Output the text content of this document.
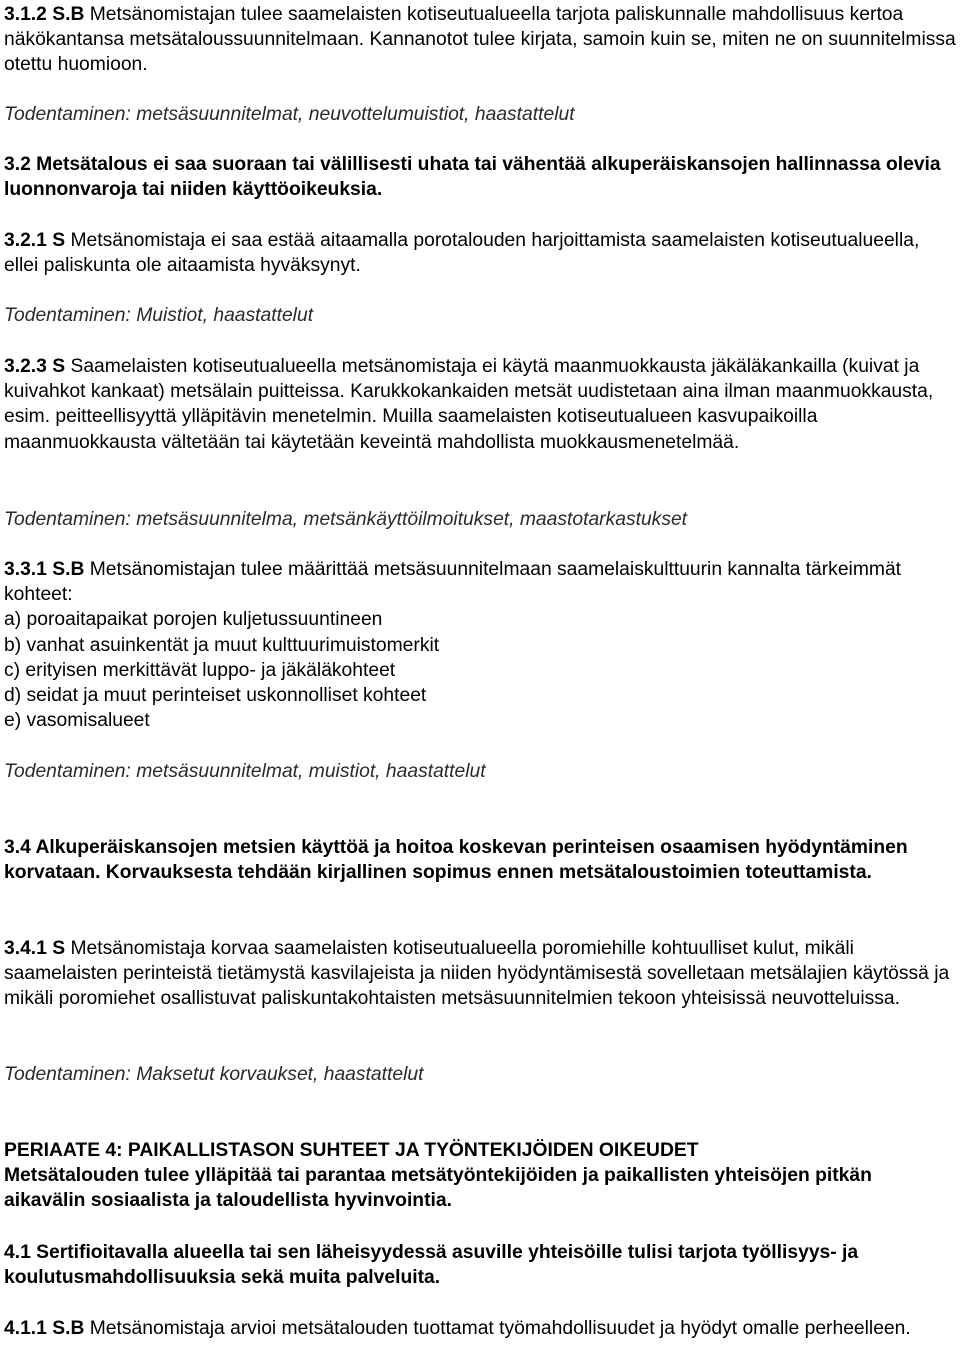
3.1.2 S.B Metsänomistajan tulee saamelaisten kotiseutualueella tarjota paliskunnalle mahdollisuus kertoa näkökantansa metsätaloussuunnitelmaan. Kannanotot tulee kirjata, samoin kuin se, miten ne on suunnitelmissa otettu huomioon.

Todentaminen: metsäsuunnitelmat, neuvottelumuistiot, haastattelut

3.2 Metsätalous ei saa suoraan tai välillisesti uhata tai vähentää alkuperäiskansojen hallinnassa olevia luonnonvaroja tai niiden käyttöoikeuksia.

3.2.1 S Metsänomistaja ei saa estää aitaamalla porotalouden harjoittamista saamelaisten kotiseutualueella, ellei paliskunta ole aitaamista hyväksynyt.

Todentaminen: Muistiot, haastattelut

3.2.3 S Saamelaisten kotiseutualueella metsänomistaja ei käytä maanmuokkausta jäkäläkankailla (kuivat ja kuivahkot kankaat) metsälain puitteissa. Karukkokankaiden metsät uudistetaan aina ilman maanmuokkausta, esim. peitteellisyyttä ylläpitävin menetelmin. Muilla saamelaisten kotiseutualueen kasvupaikoilla maanmuokkausta vältetään tai käytetään keveintä mahdollista muokkausmenetelmää.

Todentaminen: metsäsuunnitelma, metsänkäyttöilmoitukset, maastotarkastukset

3.3.1 S.B Metsänomistajan tulee määrittää metsäsuunnitelmaan saamelaiskulttuurin kannalta tärkeimmät kohteet:

a) poroaitapaikat porojen kuljetussuuntineen

b) vanhat asuinkentät ja muut kulttuurimuistomerkit

c) erityisen merkittävät luppo- ja jäkäläkohteet

d) seidat ja muut perinteiset uskonnolliset kohteet

e) vasomisalueet

Todentaminen: metsäsuunnitelmat, muistiot, haastattelut

3.4 Alkuperäiskansojen metsien käyttöä ja hoitoa koskevan perinteisen osaamisen hyödyntäminen korvataan. Korvauksesta tehdään kirjallinen sopimus ennen metsätaloustoimien toteuttamista.

3.4.1 S Metsänomistaja korvaa saamelaisten kotiseutualueella poromiehille kohtuulliset kulut, mikäli saamelaisten perinteistä tietämystä kasvilajeista ja niiden hyödyntämisestä sovelletaan metsälajien käytössä ja mikäli poromiehet osallistuvat paliskuntakohtaisten metsäsuunnitelmien tekoon yhteisissä neuvotteluissa.

Todentaminen: Maksetut korvaukset, haastattelut

PERIAATE 4: PAIKALLISTASON SUHTEET JA TYÖNTEKIJÖIDEN OIKEUDET

Metsätalouden tulee ylläpitää tai parantaa metsätyöntekijöiden ja paikallisten yhteisöjen pitkän aikavälin sosiaalista ja taloudellista hyvinvointia.

4.1 Sertifioitavalla alueella tai sen läheisyydessä asuville yhteisöille tulisi tarjota työllisyys- ja koulutusmahdollisuuksia sekä muita palveluita.

4.1.1 S.B Metsänomistaja arvioi metsätalouden tuottamat työmahdollisuudet ja hyödyt omalle perheelleen.
